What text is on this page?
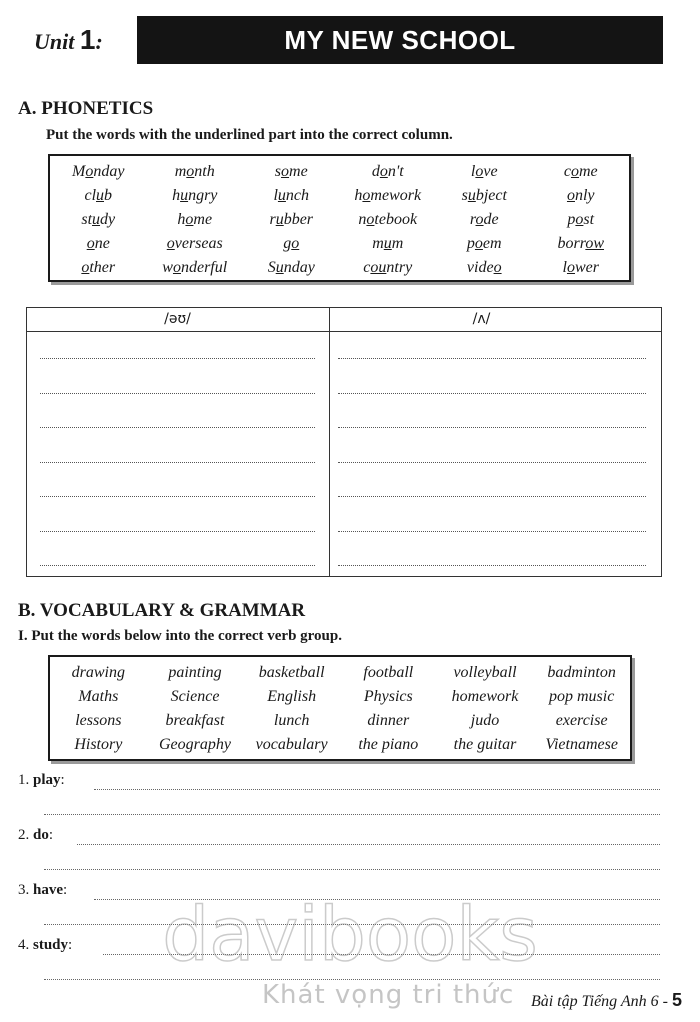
Unit 1:	MY NEW SCHOOL
A. PHONETICS
Put the words with the underlined part into the correct column.
Monday	month	some	don't	love	come
club	hungry	lunch	homework	subject	only
study	home	rubber	notebook	rode	post
one	overseas	go	mum	poem	borrow
other	wonderful	Sunday	country	video	lower
/əʊ/	/ʌ/
B. VOCABULARY & GRAMMAR
I. Put the words below into the correct verb group.
drawing	painting	basketball	football	volleyball	badminton
Maths	Science	English	Physics	homework	pop music
lessons	breakfast	lunch	dinner	judo	exercise
History	Geography	vocabulary	the piano	the guitar	Vietnamese
1. play:
2. do:
3. have:
4. study:
Bài tập Tiếng Anh 6 - 5
davibooks
Khát vọng tri thức
